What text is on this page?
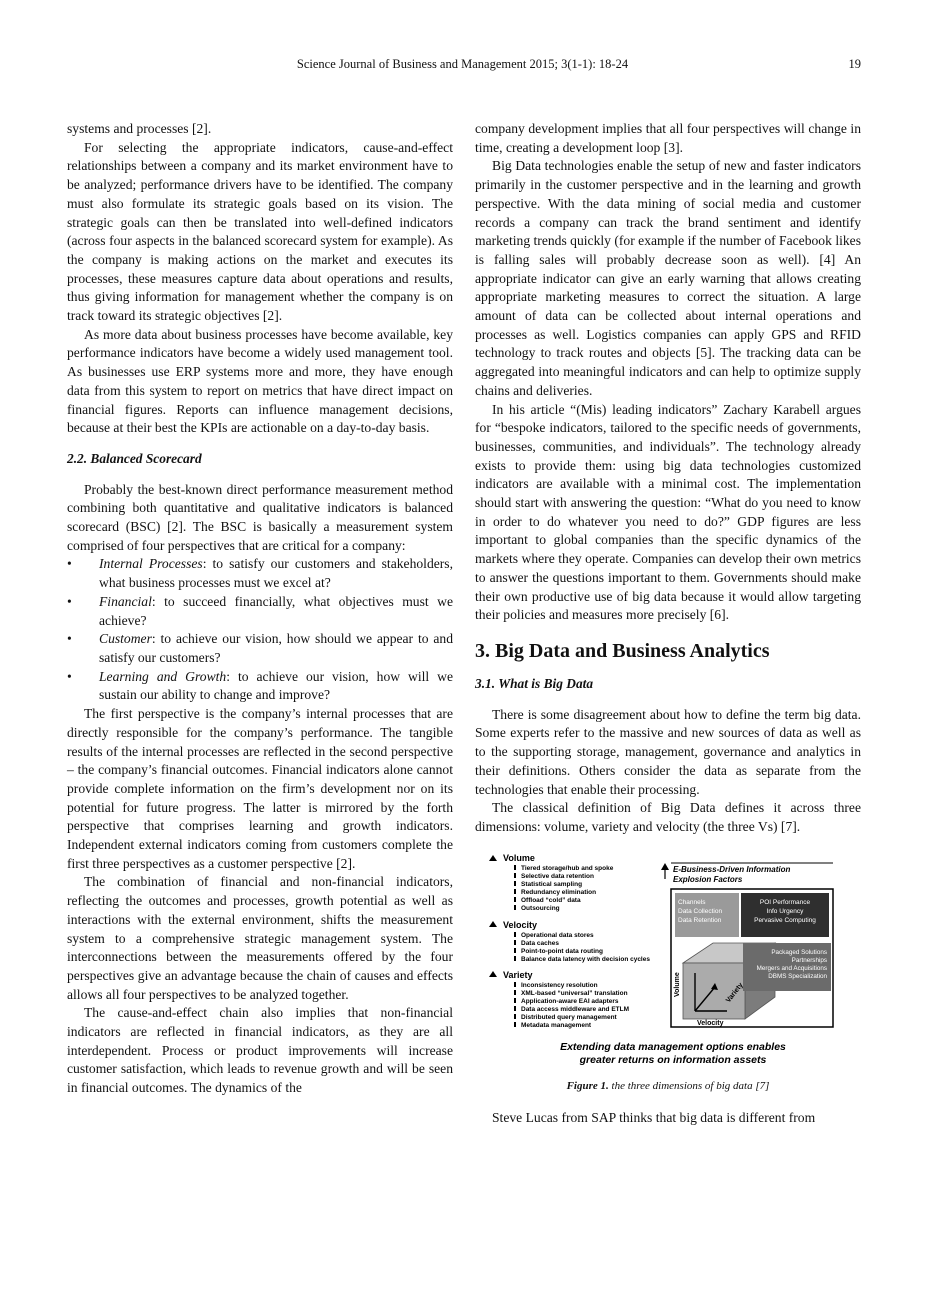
Science Journal of Business and Management 2015; 3(1-1): 18-24	19

systems and processes [2].

For selecting the appropriate indicators, cause-and-effect relationships between a company and its market environment have to be analyzed; performance drivers have to be identified. The company must also formulate its strategic goals based on its vision. The strategic goals can then be translated into well-defined indicators (across four aspects in the balanced scorecard system for example). As the company is making actions on the market and executes its processes, these measures capture data about operations and results, thus giving information for management whether the company is on track toward its strategic objectives [2].

As more data about business processes have become available, key performance indicators have become a widely used management tool. As businesses use ERP systems more and more, they have enough data from this system to report on metrics that have direct impact on financial figures. Reports can influence management decisions, because at their best the KPIs are actionable on a day-to-day basis.

2.2. Balanced Scorecard

Probably the best-known direct performance measurement method combining both quantitative and qualitative indicators is balanced scorecard (BSC) [2]. The BSC is basically a measurement system comprised of four perspectives that are critical for a company:

• Internal Processes: to satisfy our customers and stakeholders, what business processes must we excel at?
• Financial: to succeed financially, what objectives must we achieve?
• Customer: to achieve our vision, how should we appear to and satisfy our customers?
• Learning and Growth: to achieve our vision, how will we sustain our ability to change and improve?

The first perspective is the company’s internal processes that are directly responsible for the company’s performance. The tangible results of the internal processes are reflected in the second perspective – the company’s financial outcomes. Financial indicators alone cannot provide complete information on the firm’s development nor on its potential for future progress. The latter is mirrored by the forth perspective that comprises learning and growth indicators. Independent external indicators coming from customers complete the first three perspectives as a customer perspective [2].

The combination of financial and non-financial indicators, reflecting the outcomes and processes, growth potential as well as interactions with the external environment, shifts the measurement system to a comprehensive strategic management system. The interconnections between the measurements offered by the four perspectives give an advantage because the chain of causes and effects allows all four perspectives to be analyzed together.

The cause-and-effect chain also implies that non-financial indicators are reflected in financial indicators, as they are all interdependent. Process or product improvements will increase customer satisfaction, which leads to revenue growth and will be seen in financial outcomes. The dynamics of the

company development implies that all four perspectives will change in time, creating a development loop [3].

Big Data technologies enable the setup of new and faster indicators primarily in the customer perspective and in the learning and growth perspective. With the data mining of social media and customer records a company can track the brand sentiment and identify marketing trends quickly (for example if the number of Facebook likes is falling sales will probably decrease soon as well). [4] An appropriate indicator can give an early warning that allows creating appropriate marketing measures to correct the situation. A large amount of data can be collected about internal operations and processes as well. Logistics companies can apply GPS and RFID technology to track routes and objects [5]. The tracking data can be aggregated into meaningful indicators and can help to optimize supply chains and deliveries.

In his article “(Mis) leading indicators” Zachary Karabell argues for “bespoke indicators, tailored to the specific needs of governments, businesses, communities, and individuals”. The technology already exists to provide them: using big data technologies customized indicators are available with a minimal cost. The implementation should start with answering the question: “What do you need to know in order to do whatever you need to do?” GDP figures are less important to global companies than the specific dynamics of the markets where they operate. Companies can develop their own metrics to answer the questions important to them. Governments should make their own productive use of big data because it would allow targeting their policies and measures more precisely [6].

3. Big Data and Business Analytics
3.1. What is Big Data

There is some disagreement about how to define the term big data. Some experts refer to the massive and new sources of data as well as to the supporting storage, management, governance and analytics in their definitions. Others consider the data as separate from the technologies that enable their processing.

The classical definition of Big Data defines it across three dimensions: volume, variety and velocity (the three Vs) [7].

Volume
Tiered storage/hub and spoke
Selective data retention
Statistical sampling
Redundancy elimination
Offload “cold” data
Outsourcing
Velocity
Operational data stores
Data caches
Point-to-point data routing
Balance data latency with decision cycles
Variety
Inconsistency resolution
XML-based “universal” translation
Application-aware EAI adapters
Data access middleware and ETLM
Distributed query management
Metadata management
E-Business-Driven Information
Explosion Factors
Channels
Data Collection
Data Retention
POI Performance
Info Urgency
Pervasive Computing
Packaged Solutions
Partnerships
Mergers and Acquisitions
DBMS Specialization
Volume	Variety
Velocity
Extending data management options enables
greater returns on information assets
Figure 1. the three dimensions of big data [7]

Steve Lucas from SAP thinks that big data is different from
